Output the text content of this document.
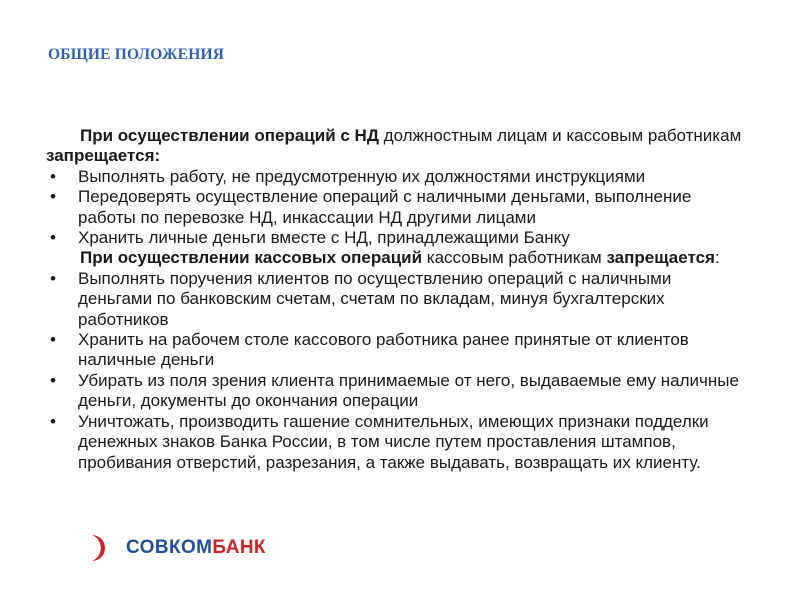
ОБЩИЕ ПОЛОЖЕНИЯ

При осуществлении операций с НД должностным лицам и кассовым работникам запрещается:

• Выполнять работу, не предусмотренную их должностями инструкциями
• Передоверять осуществление операций с наличными деньгами, выполнение работы по перевозке НД, инкассации НД другими лицами
• Хранить личные деньги вместе с НД, принадлежащими Банку

При осуществлении кассовых операций кассовым работникам запрещается:

• Выполнять поручения клиентов по осуществлению операций с наличными деньгами по банковским счетам, счетам по вкладам, минуя бухгалтерских работников
• Хранить на рабочем столе кассового работника ранее принятые от клиентов наличные деньги
• Убирать из поля зрения клиента принимаемые от него, выдаваемые ему наличные деньги, документы до окончания операции
• Уничтожать, производить гашение сомнительных, имеющих признаки подделки денежных знаков Банка России, в том числе путем проставления штампов, пробивания отверстий, разрезания, а также выдавать, возвращать их клиенту.
СОВКОМБАНК
